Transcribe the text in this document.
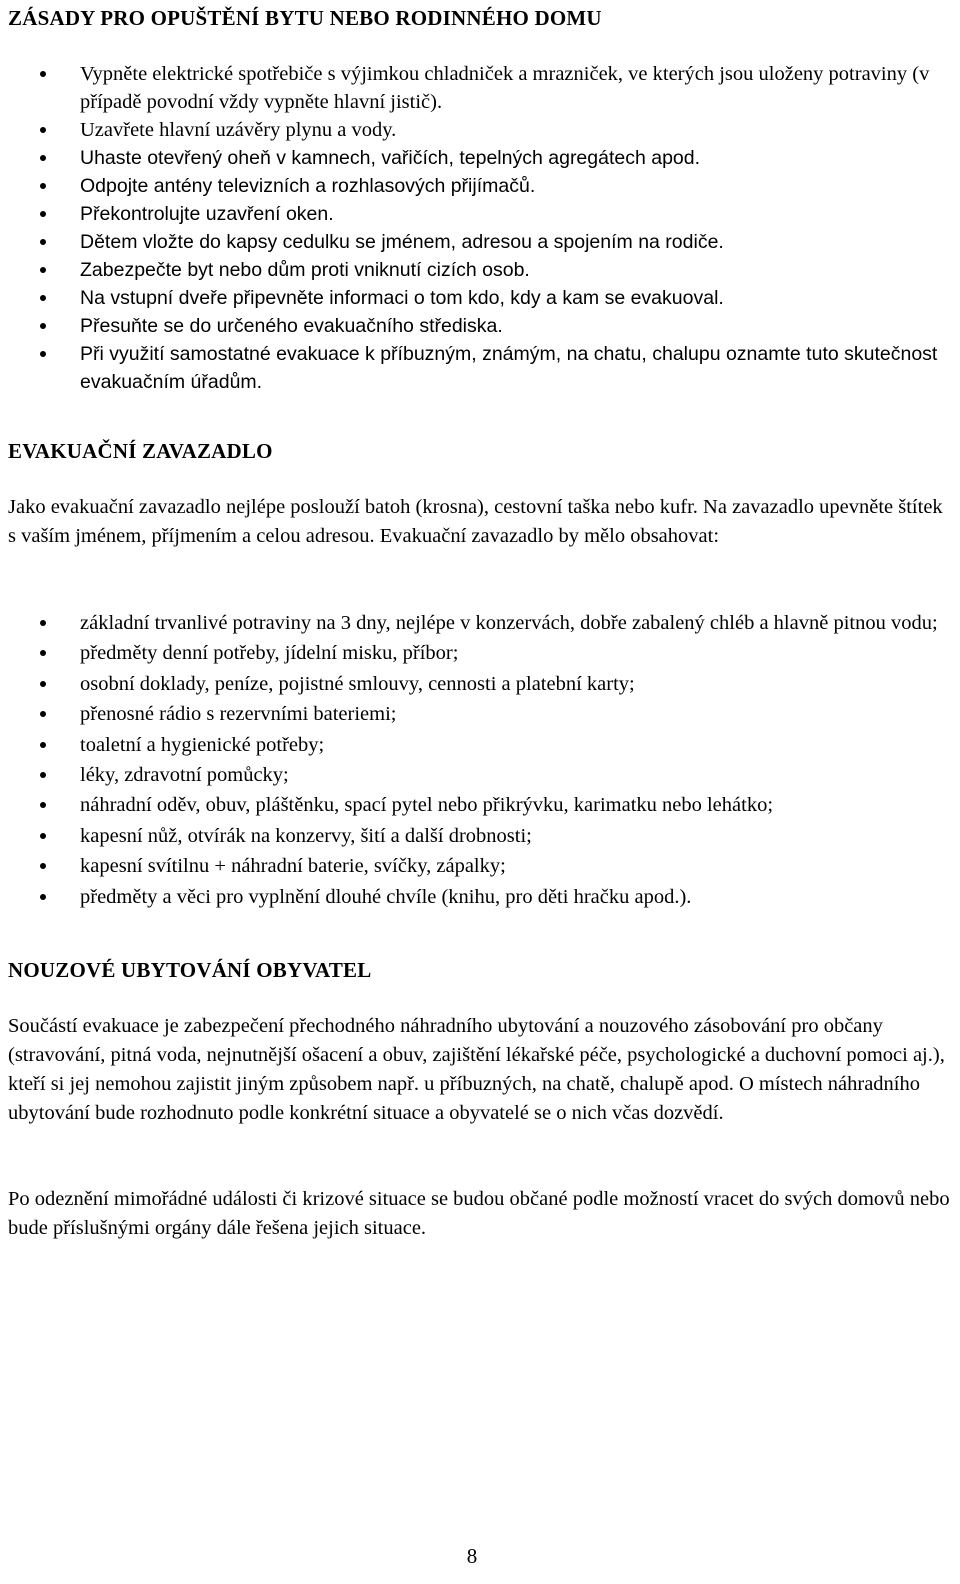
ZÁSADY PRO OPUŠTĚNÍ BYTU NEBO RODINNÉHO DOMU
Vypněte elektrické spotřebiče s výjimkou chladniček a mrazniček, ve kterých jsou uloženy potraviny (v případě povodní vždy vypněte hlavní jistič).
Uzavřete hlavní uzávěry plynu a vody.
Uhaste otevřený oheň v kamnech, vařičích, tepelných agregátech apod.
Odpojte antény televizních a rozhlasových přijímačů.
Překontrolujte uzavření oken.
Dětem vložte do kapsy cedulku se jménem, adresou a spojením na rodiče.
Zabezpečte byt nebo dům proti vniknutí cizích osob.
Na vstupní dveře připevněte informaci o tom kdo, kdy a kam se evakuoval.
Přesuňte se do určeného evakuačního střediska.
Při využití samostatné evakuace k příbuzným, známým, na chatu, chalupu oznamte tuto skutečnost evakuačním úřadům.
EVAKUAČNÍ ZAVAZADLO

Jako evakuační zavazadlo nejlépe poslouží batoh (krosna), cestovní taška nebo kufr. Na zavazadlo upevněte štítek s vaším jménem, příjmením a celou adresou. Evakuační zavazadlo by mělo obsahovat:

základní trvanlivé potraviny na 3 dny, nejlépe v konzervách, dobře zabalený chléb a hlavně pitnou vodu;
předměty denní potřeby, jídelní misku, příbor;
osobní doklady, peníze, pojistné smlouvy, cennosti a platební karty;
přenosné rádio s rezervními bateriemi;
toaletní a hygienické potřeby;
léky, zdravotní pomůcky;
náhradní oděv, obuv, pláštěnku, spací pytel nebo přikrývku, karimatku nebo lehátko;
kapesní nůž, otvírák na konzervy, šití a další drobnosti;
kapesní svítilnu + náhradní baterie, svíčky, zápalky;
předměty a věci pro vyplnění dlouhé chvíle (knihu, pro děti hračku apod.).
NOUZOVÉ UBYTOVÁNÍ OBYVATEL

Součástí evakuace je zabezpečení přechodného náhradního ubytování a nouzového zásobování pro občany (stravování, pitná voda, nejnutnější ošacení a obuv, zajištění lékařské péče, psychologické a duchovní pomoci aj.), kteří si jej nemohou zajistit jiným způsobem např. u příbuzných, na chatě, chalupě apod. O místech náhradního ubytování bude rozhodnuto podle konkrétní situace a obyvatelé se o nich včas dozvědí.

Po odeznění mimořádné události či krizové situace se budou občané podle možností vracet do svých domovů nebo bude příslušnými orgány dále řešena jejich situace.

8
